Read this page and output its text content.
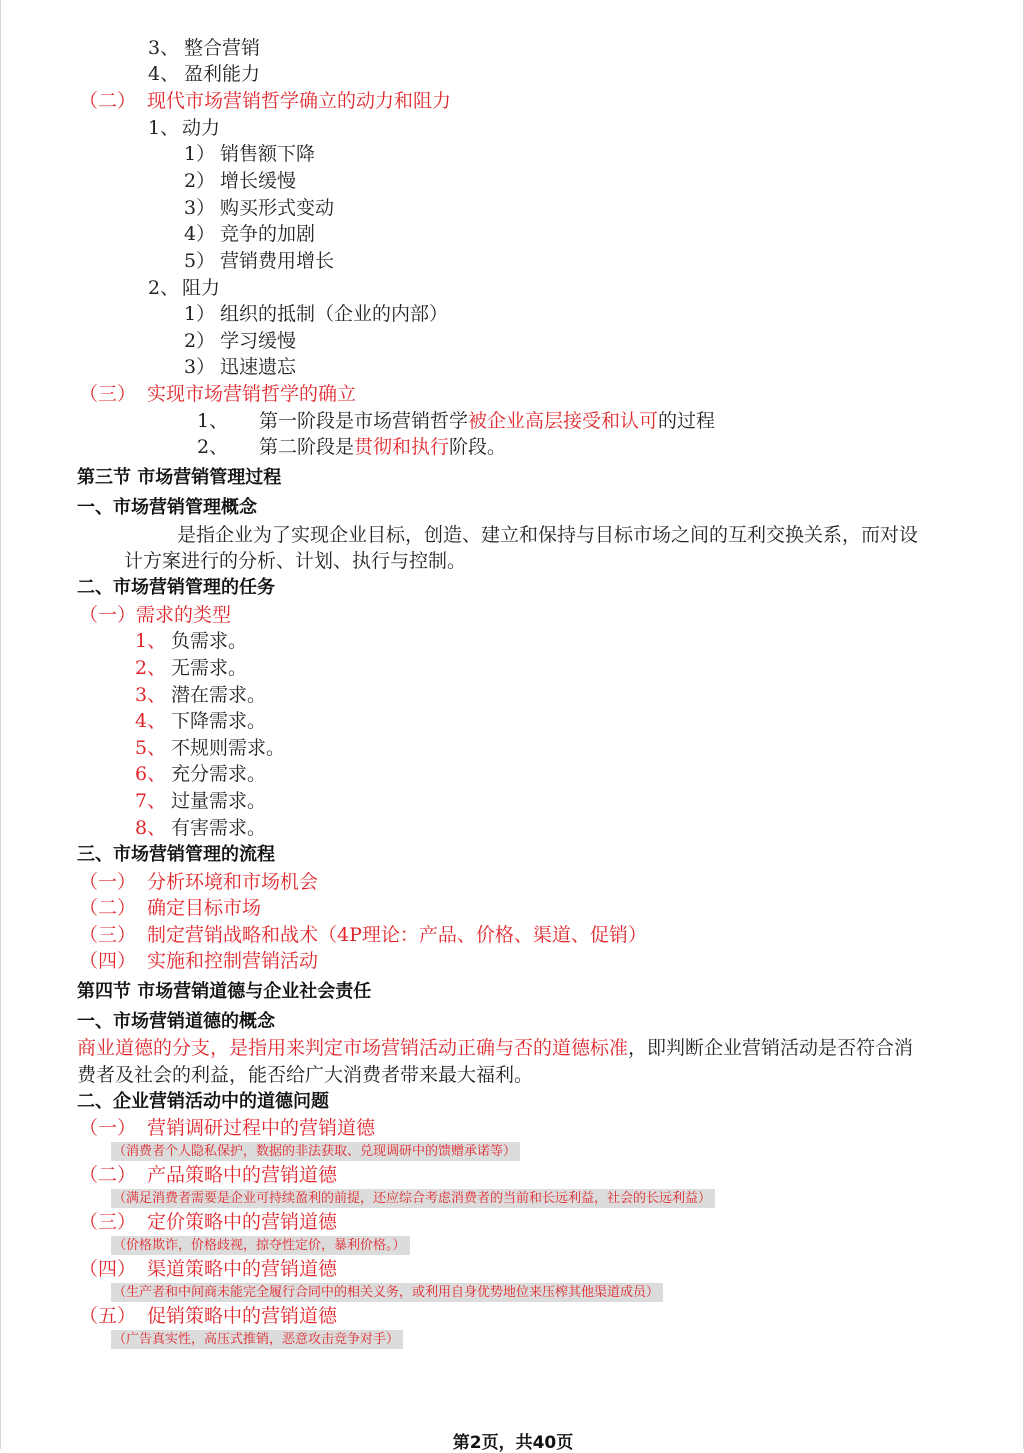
3、 整合营销
4、 盈利能力
（二） 现代市场营销哲学确立的动力和阻力
1、 动力
1） 销售额下降
2） 增长缓慢
3） 购买形式变动
4） 竞争的加剧
5） 营销费用增长
2、 阻力
1） 组织的抵制（企业的内部）
2） 学习缓慢
3） 迅速遗忘
（三） 实现市场营销哲学的确立
1、 第一阶段是市场营销哲学被企业高层接受和认可的过程
2、 第二阶段是贯彻和执行阶段。
第三节 市场营销管理过程
一、市场营销管理概念
是指企业为了实现企业目标，创造、建立和保持与目标市场之间的互利交换关系，而对设
计方案进行的分析、计划、执行与控制。
二、市场营销管理的任务
（一）需求的类型
1、 负需求。
2、 无需求。
3、 潜在需求。
4、 下降需求。
5、 不规则需求。
6、 充分需求。
7、 过量需求。
8、 有害需求。
三、市场营销管理的流程
（一） 分析环境和市场机会
（二） 确定目标市场
（三） 制定营销战略和战术（4P理论：产品、价格、渠道、促销）
（四） 实施和控制营销活动
第四节 市场营销道德与企业社会责任
一、市场营销道德的概念
商业道德的分支，是指用来判定市场营销活动正确与否的道德标准，即判断企业营销活动是否符合消
费者及社会的利益，能否给广大消费者带来最大福利。
二、企业营销活动中的道德问题
（一） 营销调研过程中的营销道德
（消费者个人隐私保护，数据的非法获取、兑现调研中的馈赠承诺等）
（二） 产品策略中的营销道德
（满足消费者需要是企业可持续盈利的前提，还应综合考虑消费者的当前和长远利益，社会的长远利益）
（三） 定价策略中的营销道德
（价格欺诈，价格歧视，掠夺性定价，暴利价格。）
（四） 渠道策略中的营销道德
（生产者和中间商未能完全履行合同中的相关义务，或利用自身优势地位来压榨其他渠道成员）
（五） 促销策略中的营销道德
（广告真实性，高压式推销，恶意攻击竞争对手）
第2页，共40页
